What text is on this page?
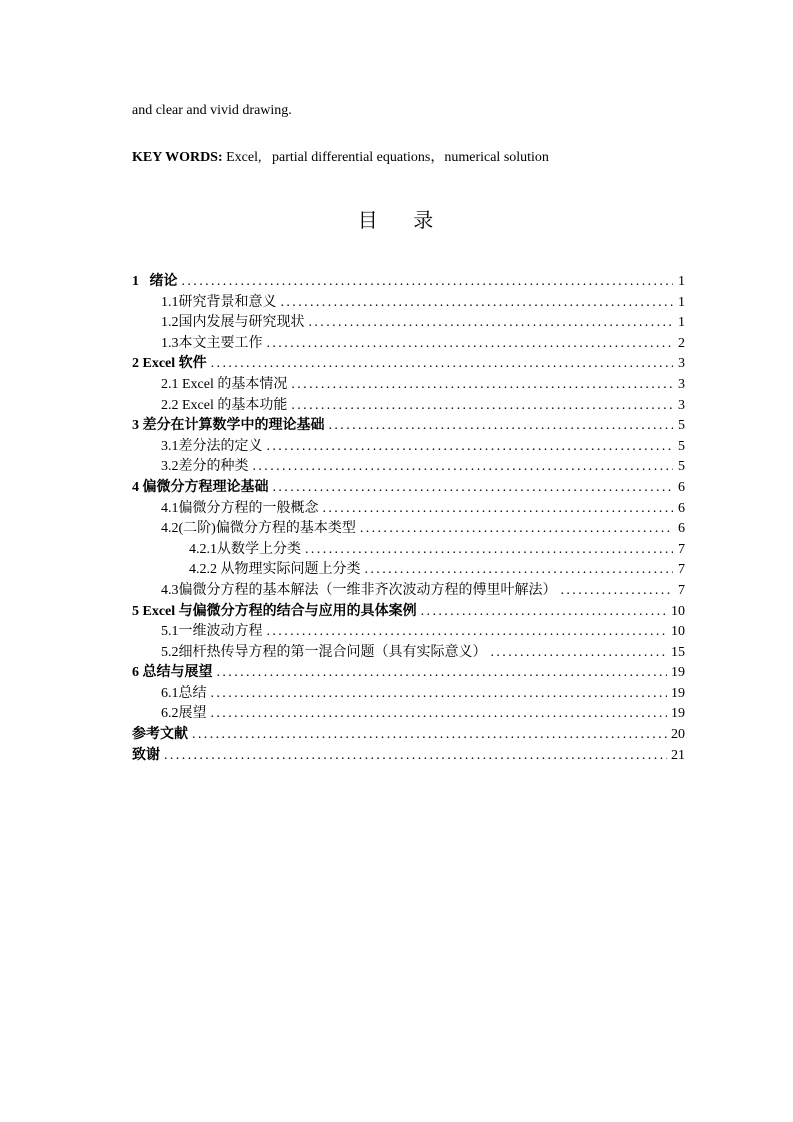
and clear and vivid drawing.
KEY WORDS: Excel,   partial differential equations，numerical solution
目    录
1   绪论 .....	1
1.1研究背景和意义 .....	1
1.2国内发展与研究现状 .....	1
1.3本文主要工作 .....	2
2 Excel 软件 .....	3
2.1 Excel 的基本情况 .....	3
2.2 Excel 的基本功能 .....	3
3 差分在计算数学中的理论基础 .....	5
3.1差分法的定义 .....	5
3.2差分的种类 .....	5
4 偏微分方程理论基础 .....	6
4.1偏微分方程的一般概念 .....	6
4.2(二阶)偏微分方程的基本类型 .....	6
4.2.1从数学上分类 .....	7
4.2.2 从物理实际问题上分类 .....	7
4.3偏微分方程的基本解法（一维非齐次波动方程的傅里叶解法） .....	7
5 Excel 与偏微分方程的结合与应用的具体案例 .....	10
5.1一维波动方程 .....	10
5.2细杆热传导方程的第一混合问题（具有实际意义） .....	15
6 总结与展望 .....	19
6.1总结 .....	19
6.2展望 .....	19
参考文献 .....	20
致谢 .....	21
